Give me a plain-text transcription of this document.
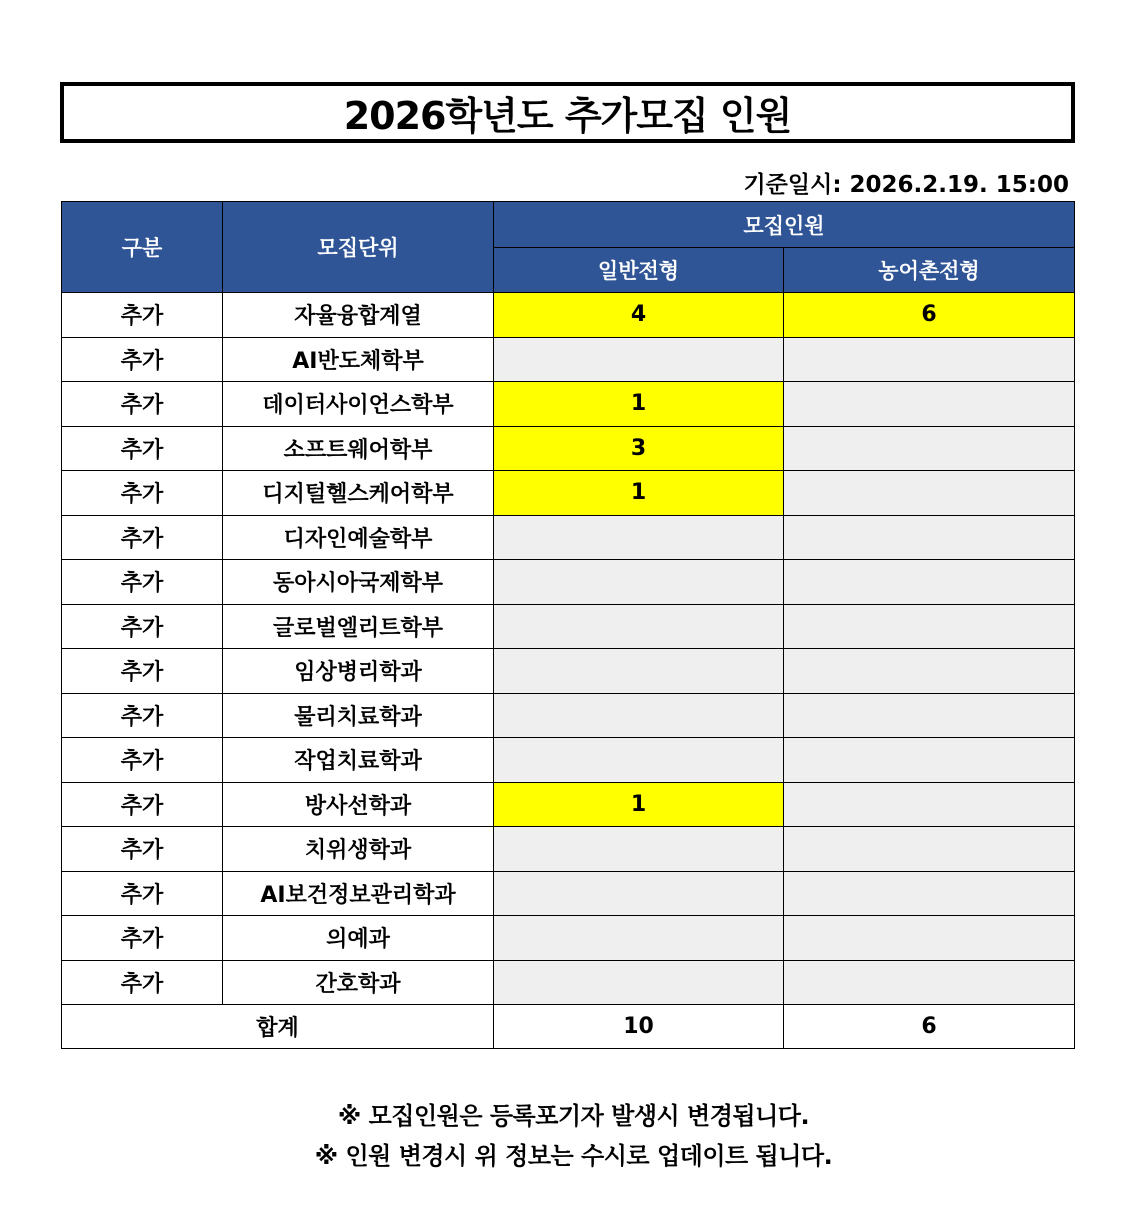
2026학년도 추가모집 인원
기준일시: 2026.2.19. 15:00
구분	모집단위	모집인원	
		일반전형	농어촌전형
추가	자율융합계열	4	6
추가	AI반도체학부		
추가	데이터사이언스학부	1	
추가	소프트웨어학부	3	
추가	디지털헬스케어학부	1	
추가	디자인예술학부		
추가	동아시아국제학부		
추가	글로벌엘리트학부		
추가	임상병리학과		
추가	물리치료학과		
추가	작업치료학과		
추가	방사선학과	1	
추가	치위생학과		
추가	AI보건정보관리학과		
추가	의예과		
추가	간호학과		
합계		10	6
※ 모집인원은 등록포기자 발생시 변경됩니다.
※ 인원 변경시 위 정보는 수시로 업데이트 됩니다.
